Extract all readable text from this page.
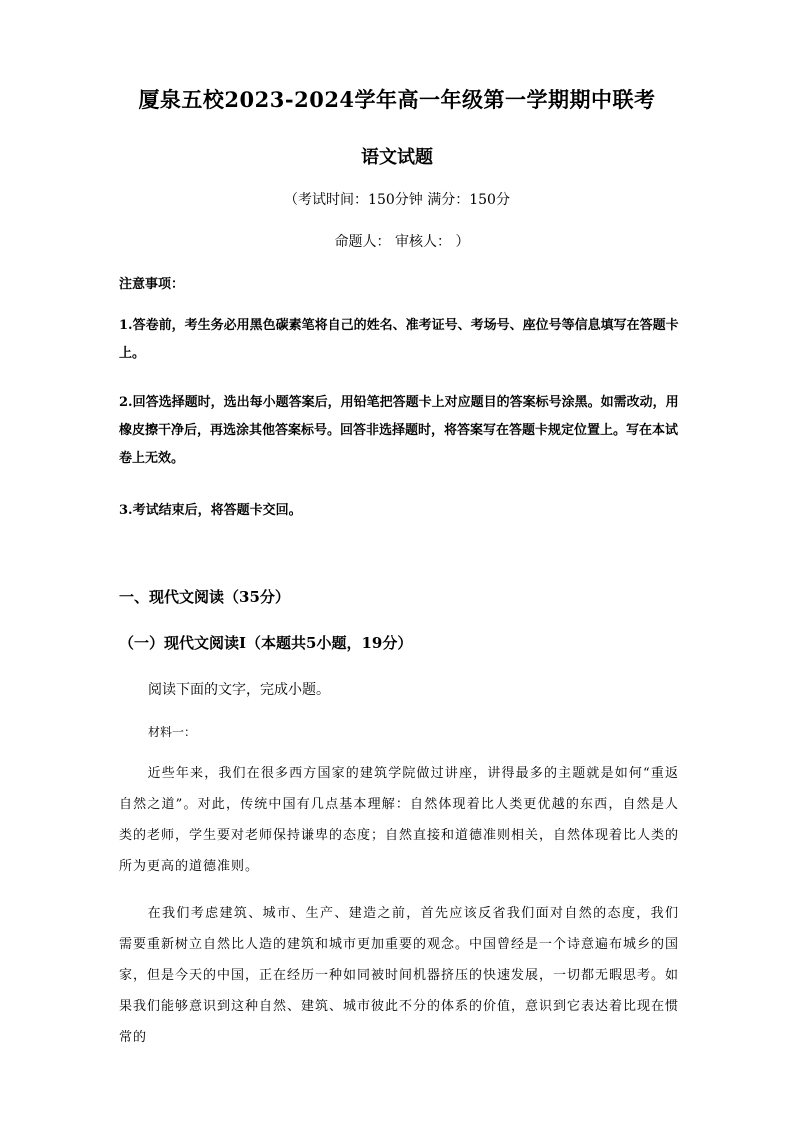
厦泉五校2023-2024学年高一年级第一学期期中联考
语文试题
（考试时间：150分钟 满分：150分
命题人： 审核人： ）
注意事项：
1.答卷前，考生务必用黑色碳素笔将自己的姓名、准考证号、考场号、座位号等信息填写在答题卡上。
2.回答选择题时，选出每小题答案后，用铅笔把答题卡上对应题目的答案标号涂黑。如需改动，用橡皮擦干净后，再选涂其他答案标号。回答非选择题时，将答案写在答题卡规定位置上。写在本试卷上无效。
3.考试结束后，将答题卡交回。
一、现代文阅读（35分）
（一）现代文阅读Ⅰ（本题共5小题，19分）
阅读下面的文字，完成小题。
材料一：
近些年来，我们在很多西方国家的建筑学院做过讲座，讲得最多的主题就是如何“重返自然之道”。对此，传统中国有几点基本理解：自然体现着比人类更优越的东西，自然是人类的老师，学生要对老师保持谦卑的态度；自然直接和道德准则相关，自然体现着比人类的所为更高的道德准则。
在我们考虑建筑、城市、生产、建造之前，首先应该反省我们面对自然的态度，我们需要重新树立自然比人造的建筑和城市更加重要的观念。中国曾经是一个诗意遍布城乡的国家，但是今天的中国，正在经历一种如同被时间机器挤压的快速发展，一切都无暇思考。如果我们能够意识到这种自然、建筑、城市彼此不分的体系的价值，意识到它表达着比现在惯常的
